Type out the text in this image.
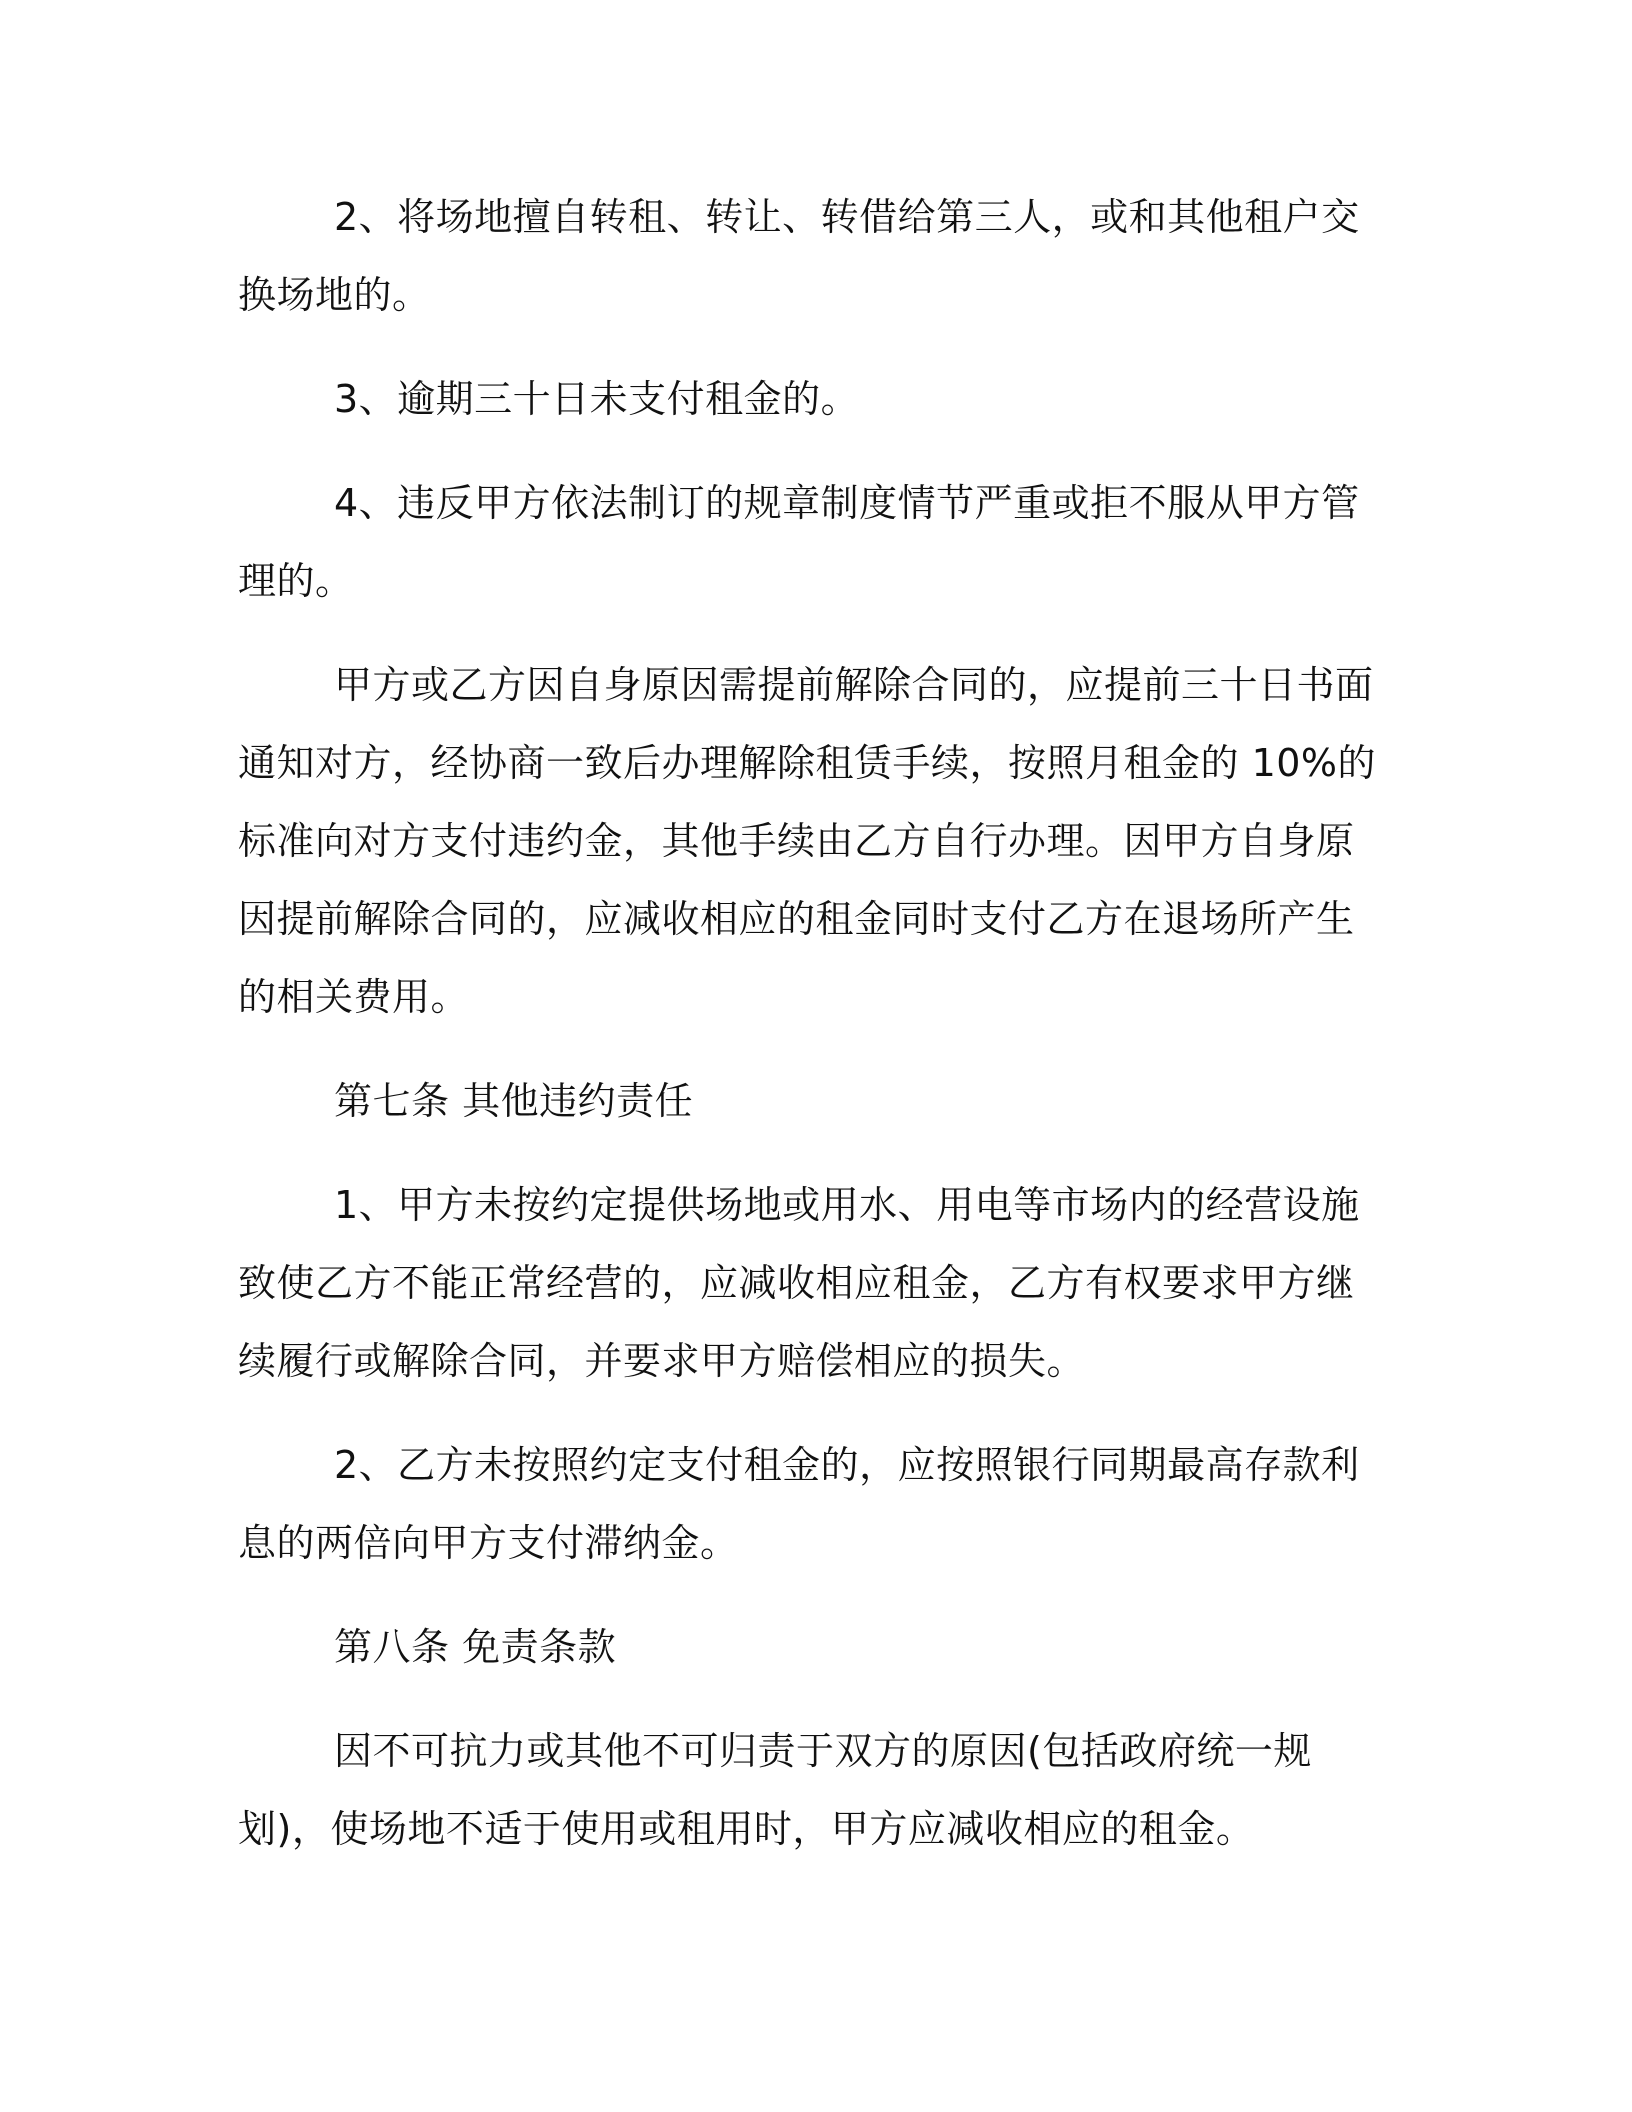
2、将场地擅自转租、转让、转借给第三人，或和其他租户交换场地的。

3、逾期三十日未支付租金的。

4、违反甲方依法制订的规章制度情节严重或拒不服从甲方管理的。

甲方或乙方因自身原因需提前解除合同的，应提前三十日书面通知对方，经协商一致后办理解除租赁手续，按照月租金的 10%的标准向对方支付违约金，其他手续由乙方自行办理。因甲方自身原因提前解除合同的，应减收相应的租金同时支付乙方在退场所产生的相关费用。

第七条 其他违约责任

1、甲方未按约定提供场地或用水、用电等市场内的经营设施致使乙方不能正常经营的，应减收相应租金，乙方有权要求甲方继续履行或解除合同，并要求甲方赔偿相应的损失。

2、乙方未按照约定支付租金的，应按照银行同期最高存款利息的两倍向甲方支付滞纳金。

第八条 免责条款

因不可抗力或其他不可归责于双方的原因(包括政府统一规划)，使场地不适于使用或租用时，甲方应减收相应的租金。
